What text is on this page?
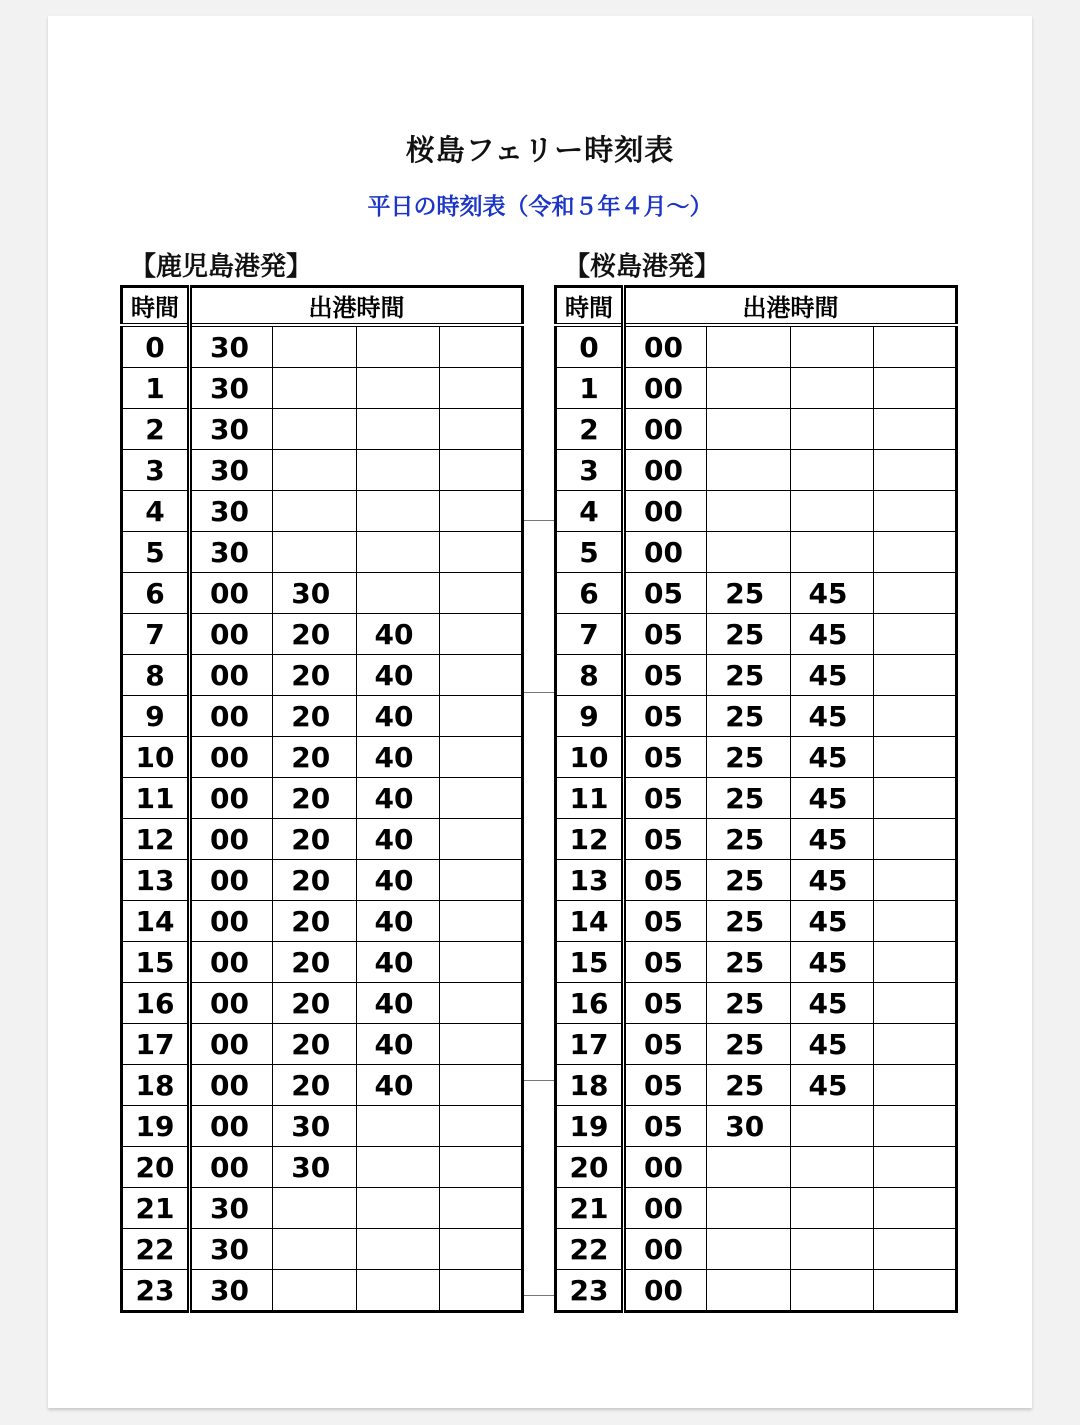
桜島フェリー時刻表
平日の時刻表（令和５年４月～）
【鹿児島港発】	【桜島港発】
時間	出港時間			
0	30			
1	30			
2	30			
3	30			
4	30			
5	30			
6	00	30		
7	00	20	40	
8	00	20	40	
9	00	20	40	
10	00	20	40	
11	00	20	40	
12	00	20	40	
13	00	20	40	
14	00	20	40	
15	00	20	40	
16	00	20	40	
17	00	20	40	
18	00	20	40	
19	00	30		
20	00	30		
21	30			
22	30			
23	30			
時間	出港時間			
0	00			
1	00			
2	00			
3	00			
4	00			
5	00			
6	05	25	45	
7	05	25	45	
8	05	25	45	
9	05	25	45	
10	05	25	45	
11	05	25	45	
12	05	25	45	
13	05	25	45	
14	05	25	45	
15	05	25	45	
16	05	25	45	
17	05	25	45	
18	05	25	45	
19	05	30		
20	00			
21	00			
22	00			
23	00			
